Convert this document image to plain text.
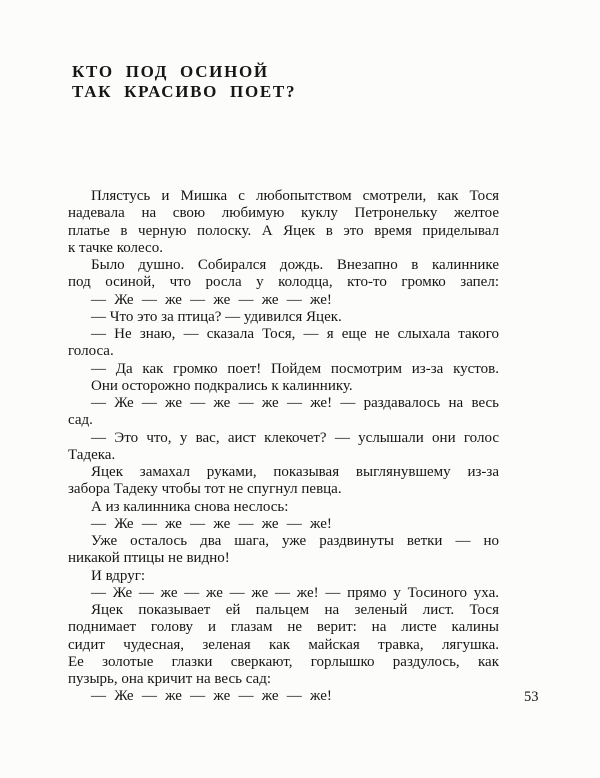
КТО ПОД ОСИНОЙ
ТАК КРАСИВО ПОЕТ?
Плястусь и Мишка с любопытством смотрели, как Тося
надевала на свою любимую куклу Петронельку желтое
платье в черную полоску. А Яцек в это время приделывал
к тачке колесо.
Было душно. Собирался дождь. Внезапно в калиннике
под осиной, что росла у колодца, кто-то громко запел:
— Же — же — же — же — же!
— Что это за птица? — удивился Яцек.
— Не знаю, — сказала Тося, — я еще не слыхала такого
голоса.
— Да как громко поет! Пойдем посмотрим из-за кустов.
Они осторожно подкрались к калиннику.
— Же — же — же — же — же! — раздавалось на весь
сад.
— Это что, у вас, аист клекочет? — услышали они голос
Тадека.
Яцек замахал руками, показывая выглянувшему из-за
забора Тадеку чтобы тот не спугнул певца.
А из калинника снова неслось:
— Же — же — же — же — же!
Уже осталось два шага, уже раздвинуты ветки — но
никакой птицы не видно!
И вдруг:
— Же — же — же — же — же! — прямо у Тосиного уха.
Яцек показывает ей пальцем на зеленый лист. Тося
поднимает голову и глазам не верит: на листе калины
сидит чудесная, зеленая как майская травка, лягушка.
Ее золотые глазки сверкают, горлышко раздулось, как
пузырь, она кричит на весь сад:
— Же — же — же — же — же!	53
